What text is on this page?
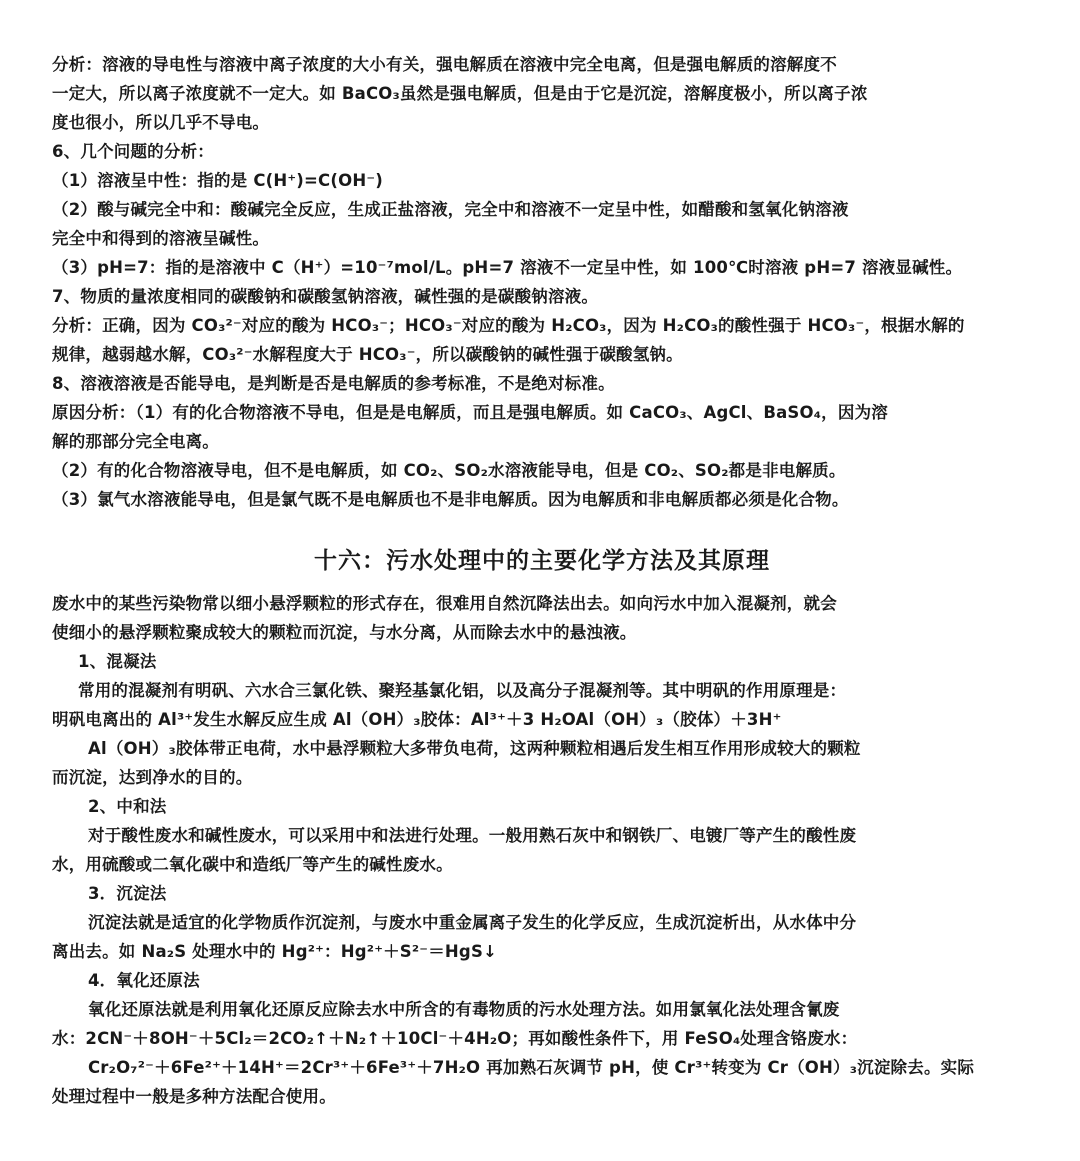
分析：溶液的导电性与溶液中离子浓度的大小有关，强电解质在溶液中完全电离，但是强电解质的溶解度不
一定大，所以离子浓度就不一定大。如 BaCO₃虽然是强电解质，但是由于它是沉淀，溶解度极小，所以离子浓
度也很小，所以几乎不导电。
6、几个问题的分析：
（1）溶液呈中性：指的是 C(H⁺)=C(OH⁻)
（2）酸与碱完全中和：酸碱完全反应，生成正盐溶液，完全中和溶液不一定呈中性，如醋酸和氢氧化钠溶液
完全中和得到的溶液呈碱性。
（3）pH=7：指的是溶液中 C（H⁺）=10⁻⁷mol/L。pH=7 溶液不一定呈中性，如 100℃时溶液 pH=7 溶液显碱性。
7、物质的量浓度相同的碳酸钠和碳酸氢钠溶液，碱性强的是碳酸钠溶液。
分析：正确，因为 CO₃²⁻对应的酸为 HCO₃⁻；HCO₃⁻对应的酸为 H₂CO₃，因为 H₂CO₃的酸性强于 HCO₃⁻，根据水解的
规律，越弱越水解，CO₃²⁻水解程度大于 HCO₃⁻，所以碳酸钠的碱性强于碳酸氢钠。
8、溶液溶液是否能导电，是判断是否是电解质的参考标准，不是绝对标准。
原因分析：（1）有的化合物溶液不导电，但是是电解质，而且是强电解质。如 CaCO₃、AgCl、BaSO₄，因为溶
解的那部分完全电离。
（2）有的化合物溶液导电，但不是电解质，如 CO₂、SO₂水溶液能导电，但是 CO₂、SO₂都是非电解质。
（3）氯气水溶液能导电，但是氯气既不是电解质也不是非电解质。因为电解质和非电解质都必须是化合物。
十六：污水处理中的主要化学方法及其原理
废水中的某些污染物常以细小悬浮颗粒的形式存在，很难用自然沉降法出去。如向污水中加入混凝剂，就会
使细小的悬浮颗粒聚成较大的颗粒而沉淀，与水分离，从而除去水中的悬浊液。
1、混凝法
常用的混凝剂有明矾、六水合三氯化铁、聚羟基氯化铝，以及高分子混凝剂等。其中明矾的作用原理是：
明矾电离出的 Al³⁺发生水解反应生成 Al（OH）₃胶体：Al³⁺＋3 H₂OAl（OH）₃（胶体）＋3H⁺
Al（OH）₃胶体带正电荷，水中悬浮颗粒大多带负电荷，这两种颗粒相遇后发生相互作用形成较大的颗粒
而沉淀，达到净水的目的。
2、中和法
对于酸性废水和碱性废水，可以采用中和法进行处理。一般用熟石灰中和钢铁厂、电镀厂等产生的酸性废
水，用硫酸或二氧化碳中和造纸厂等产生的碱性废水。
3．沉淀法
沉淀法就是适宜的化学物质作沉淀剂，与废水中重金属离子发生的化学反应，生成沉淀析出，从水体中分
离出去。如 Na₂S 处理水中的 Hg²⁺：Hg²⁺＋S²⁻＝HgS↓
4．氧化还原法
氧化还原法就是利用氧化还原反应除去水中所含的有毒物质的污水处理方法。如用氯氧化法处理含氰废
水：2CN⁻＋8OH⁻＋5Cl₂＝2CO₂↑＋N₂↑＋10Cl⁻＋4H₂O；再如酸性条件下，用 FeSO₄处理含铬废水：
Cr₂O₇²⁻＋6Fe²⁺＋14H⁺＝2Cr³⁺＋6Fe³⁺＋7H₂O 再加熟石灰调节 pH，使 Cr³⁺转变为 Cr（OH）₃沉淀除去。实际
处理过程中一般是多种方法配合使用。
